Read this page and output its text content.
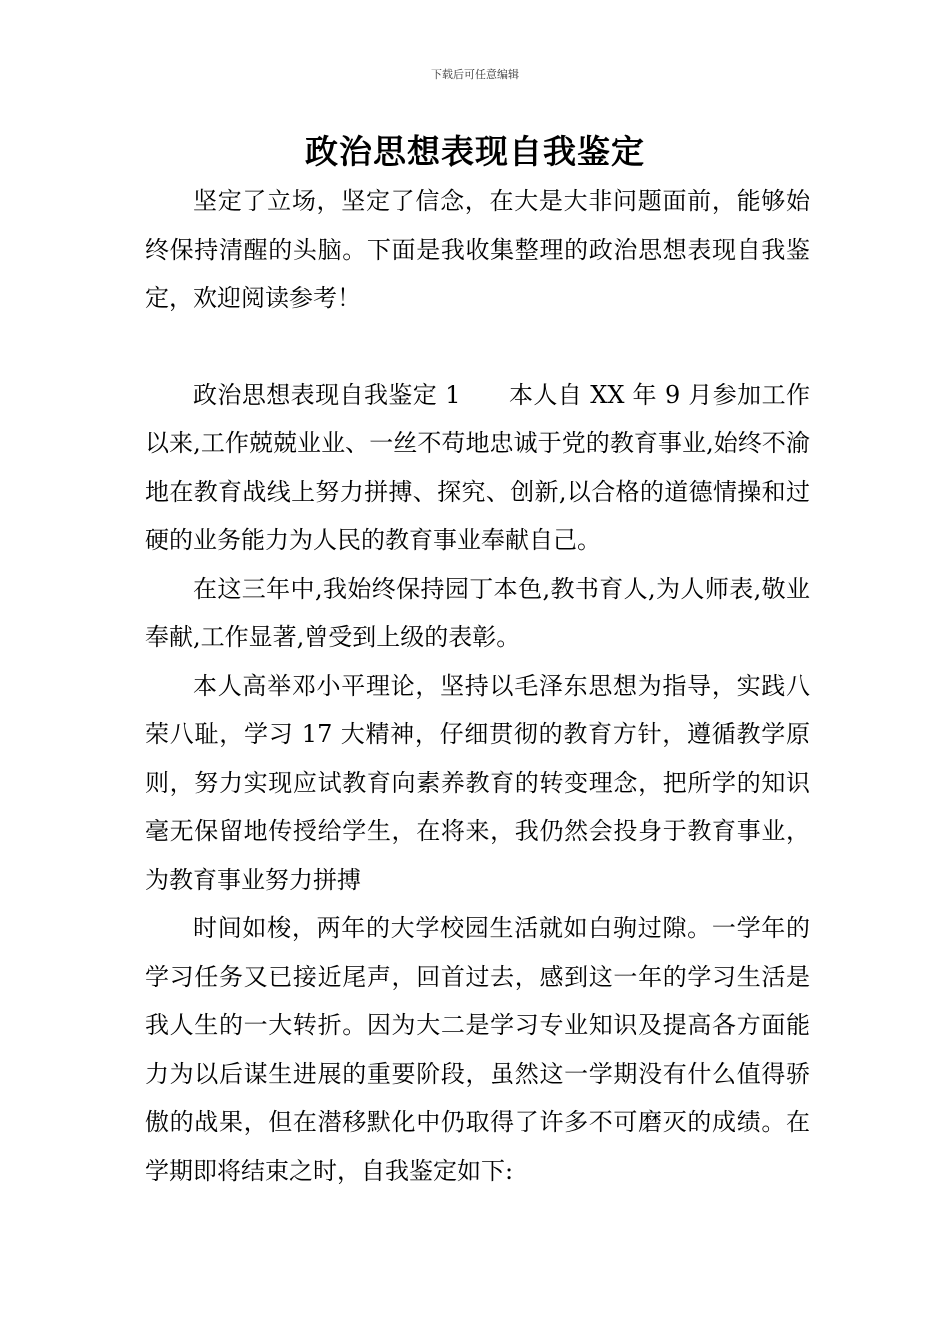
下载后可任意编辑
政治思想表现自我鉴定

坚定了立场，坚定了信念，在大是大非问题面前，能够始终保持清醒的头脑。下面是我收集整理的政治思想表现自我鉴定，欢迎阅读参考！

政治思想表现自我鉴定 1 本人自 XX 年 9 月参加工作以来,工作兢兢业业、一丝不苟地忠诚于党的教育事业,始终不渝地在教育战线上努力拼搏、探究、创新,以合格的道德情操和过硬的业务能力为人民的教育事业奉献自己。

在这三年中,我始终保持园丁本色,教书育人,为人师表,敬业奉献,工作显著,曾受到上级的表彰。

本人高举邓小平理论，坚持以毛泽东思想为指导，实践八荣八耻，学习 17 大精神，仔细贯彻的教育方针，遵循教学原则，努力实现应试教育向素养教育的转变理念，把所学的知识毫无保留地传授给学生，在将来，我仍然会投身于教育事业，为教育事业努力拼搏

时间如梭，两年的大学校园生活就如白驹过隙。一学年的学习任务又已接近尾声，回首过去，感到这一年的学习生活是我人生的一大转折。因为大二是学习专业知识及提高各方面能力为以后谋生进展的重要阶段，虽然这一学期没有什么值得骄傲的战果，但在潜移默化中仍取得了许多不可磨灭的成绩。在学期即将结束之时，自我鉴定如下:
